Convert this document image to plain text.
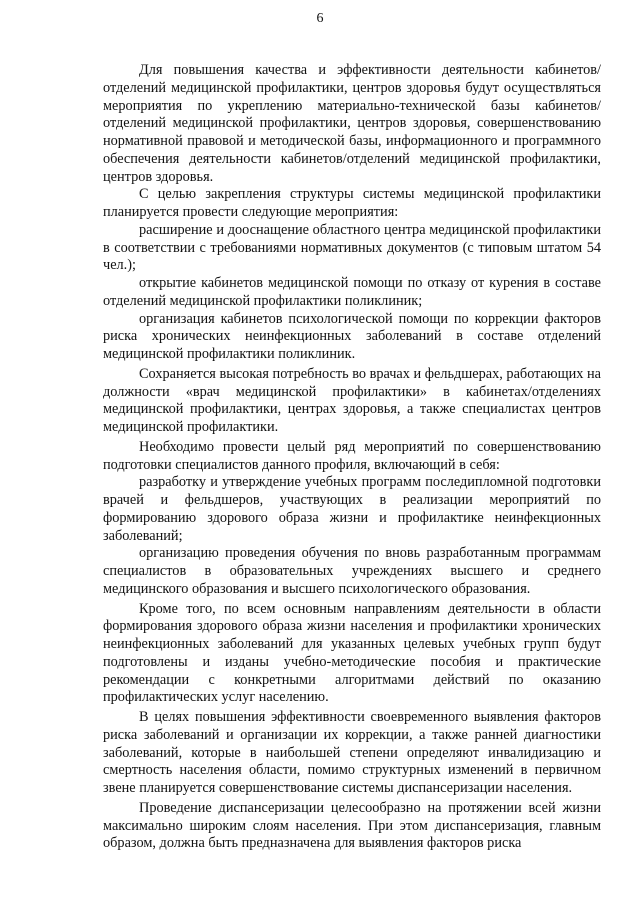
6

Для повышения качества и эффективности деятельности кабинетов/отделений медицинской профилактики, центров здоровья будут осуществляться мероприятия по укреплению материально-технической базы кабинетов/отделений медицинской профилактики, центров здоровья, совершенствованию нормативной правовой и методической базы, информационного и программного обеспечения деятельности кабинетов/отделений медицинской профилактики, центров здоровья.

С целью закрепления структуры системы медицинской профилактики планируется провести следующие мероприятия:

расширение и дооснащение областного центра медицинской профилактики в соответствии с требованиями нормативных документов (с типовым штатом 54 чел.);

открытие кабинетов медицинской помощи по отказу от курения в составе отделений медицинской профилактики поликлиник;

организация кабинетов психологической помощи по коррекции факторов риска хронических неинфекционных заболеваний в составе отделений медицинской профилактики поликлиник.

Сохраняется высокая потребность во врачах и фельдшерах, работающих на должности «врач медицинской профилактики» в кабинетах/отделениях медицинской профилактики, центрах здоровья, а также специалистах центров медицинской профилактики.

Необходимо провести целый ряд мероприятий по совершенствованию подготовки специалистов данного профиля, включающий в себя:

разработку и утверждение учебных программ последипломной подготовки врачей и фельдшеров, участвующих в реализации мероприятий по формированию здорового образа жизни и профилактике неинфекционных заболеваний;

организацию проведения обучения по вновь разработанным программам специалистов в образовательных учреждениях высшего и среднего медицинского образования и высшего психологического образования.

Кроме того, по всем основным направлениям деятельности в области формирования здорового образа жизни населения и профилактики хронических неинфекционных заболеваний для указанных целевых учебных групп будут подготовлены и изданы учебно-методические пособия и практические рекомендации с конкретными алгоритмами действий по оказанию профилактических услуг населению.

В целях повышения эффективности своевременного выявления факторов риска заболеваний и организации их коррекции, а также ранней диагностики заболеваний, которые в наибольшей степени определяют инвалидизацию и смертность населения области, помимо структурных изменений в первичном звене планируется совершенствование системы диспансеризации населения.

Проведение диспансеризации целесообразно на протяжении всей жизни максимально широким слоям населения. При этом диспансеризация, главным образом, должна быть предназначена для выявления факторов риска
